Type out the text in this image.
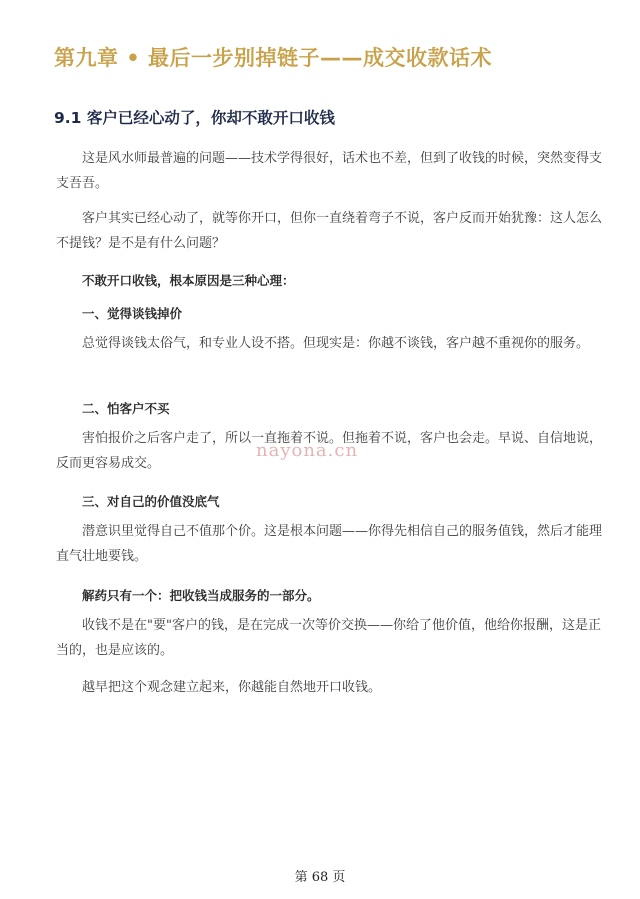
第九章 • 最后一步别掉链子——成交收款话术
9.1 客户已经心动了，你却不敢开口收钱
这是风水师最普遍的问题——技术学得很好，话术也不差，但到了收钱的时候，突然变得支支吾吾。
客户其实已经心动了，就等你开口，但你一直绕着弯子不说，客户反而开始犹豫：这人怎么不提钱？是不是有什么问题？
不敢开口收钱，根本原因是三种心理：
一、觉得谈钱掉价
总觉得谈钱太俗气，和专业人设不搭。但现实是：你越不谈钱，客户越不重视你的服务。
二、怕客户不买
害怕报价之后客户走了，所以一直拖着不说。但拖着不说，客户也会走。早说、自信地说，反而更容易成交。
三、对自己的价值没底气
潜意识里觉得自己不值那个价。这是根本问题——你得先相信自己的服务值钱，然后才能理直气壮地要钱。
解药只有一个：把收钱当成服务的一部分。
收钱不是在"要"客户的钱，是在完成一次等价交换——你给了他价值，他给你报酬，这是正当的，也是应该的。
越早把这个观念建立起来，你越能自然地开口收钱。
nayona.cn
第 68 页
